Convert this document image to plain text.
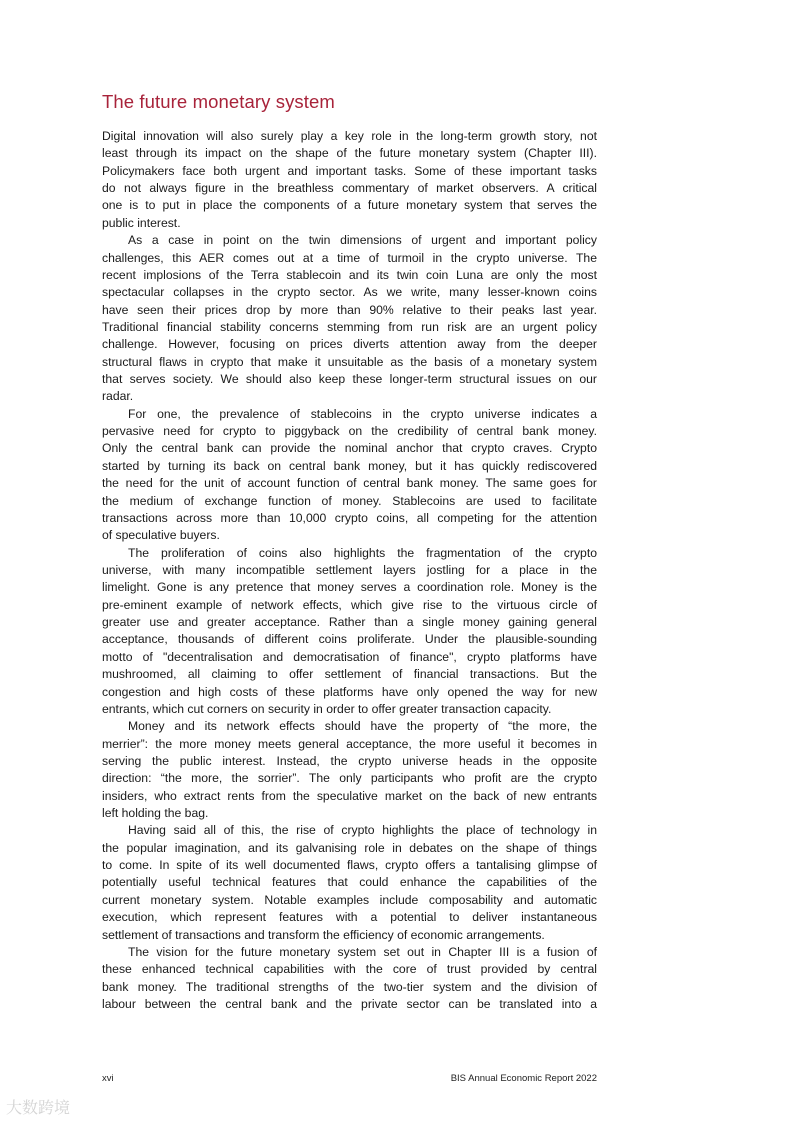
The future monetary system
Digital innovation will also surely play a key role in the long-term growth story, not
least through its impact on the shape of the future monetary system (Chapter III).
Policymakers face both urgent and important tasks. Some of these important tasks
do not always figure in the breathless commentary of market observers. A critical
one is to put in place the components of a future monetary system that serves the
public interest.
As a case in point on the twin dimensions of urgent and important policy
challenges, this AER comes out at a time of turmoil in the crypto universe. The
recent implosions of the Terra stablecoin and its twin coin Luna are only the most
spectacular collapses in the crypto sector. As we write, many lesser-known coins
have seen their prices drop by more than 90% relative to their peaks last year.
Traditional financial stability concerns stemming from run risk are an urgent policy
challenge. However, focusing on prices diverts attention away from the deeper
structural flaws in crypto that make it unsuitable as the basis of a monetary system
that serves society. We should also keep these longer-term structural issues on our
radar.
For one, the prevalence of stablecoins in the crypto universe indicates a
pervasive need for crypto to piggyback on the credibility of central bank money.
Only the central bank can provide the nominal anchor that crypto craves. Crypto
started by turning its back on central bank money, but it has quickly rediscovered
the need for the unit of account function of central bank money. The same goes for
the medium of exchange function of money. Stablecoins are used to facilitate
transactions across more than 10,000 crypto coins, all competing for the attention
of speculative buyers.
The proliferation of coins also highlights the fragmentation of the crypto
universe, with many incompatible settlement layers jostling for a place in the
limelight. Gone is any pretence that money serves a coordination role. Money is the
pre-eminent example of network effects, which give rise to the virtuous circle of
greater use and greater acceptance. Rather than a single money gaining general
acceptance, thousands of different coins proliferate. Under the plausible-sounding
motto of "decentralisation and democratisation of finance", crypto platforms have
mushroomed, all claiming to offer settlement of financial transactions. But the
congestion and high costs of these platforms have only opened the way for new
entrants, which cut corners on security in order to offer greater transaction capacity.
Money and its network effects should have the property of “the more, the
merrier”: the more money meets general acceptance, the more useful it becomes in
serving the public interest. Instead, the crypto universe heads in the opposite
direction: “the more, the sorrier”. The only participants who profit are the crypto
insiders, who extract rents from the speculative market on the back of new entrants
left holding the bag.
Having said all of this, the rise of crypto highlights the place of technology in
the popular imagination, and its galvanising role in debates on the shape of things
to come. In spite of its well documented flaws, crypto offers a tantalising glimpse of
potentially useful technical features that could enhance the capabilities of the
current monetary system. Notable examples include composability and automatic
execution, which represent features with a potential to deliver instantaneous
settlement of transactions and transform the efficiency of economic arrangements.
The vision for the future monetary system set out in Chapter III is a fusion of
these enhanced technical capabilities with the core of trust provided by central
bank money. The traditional strengths of the two-tier system and the division of
labour between the central bank and the private sector can be translated into a
xvi	BIS Annual Economic Report 2022
大数跨境
